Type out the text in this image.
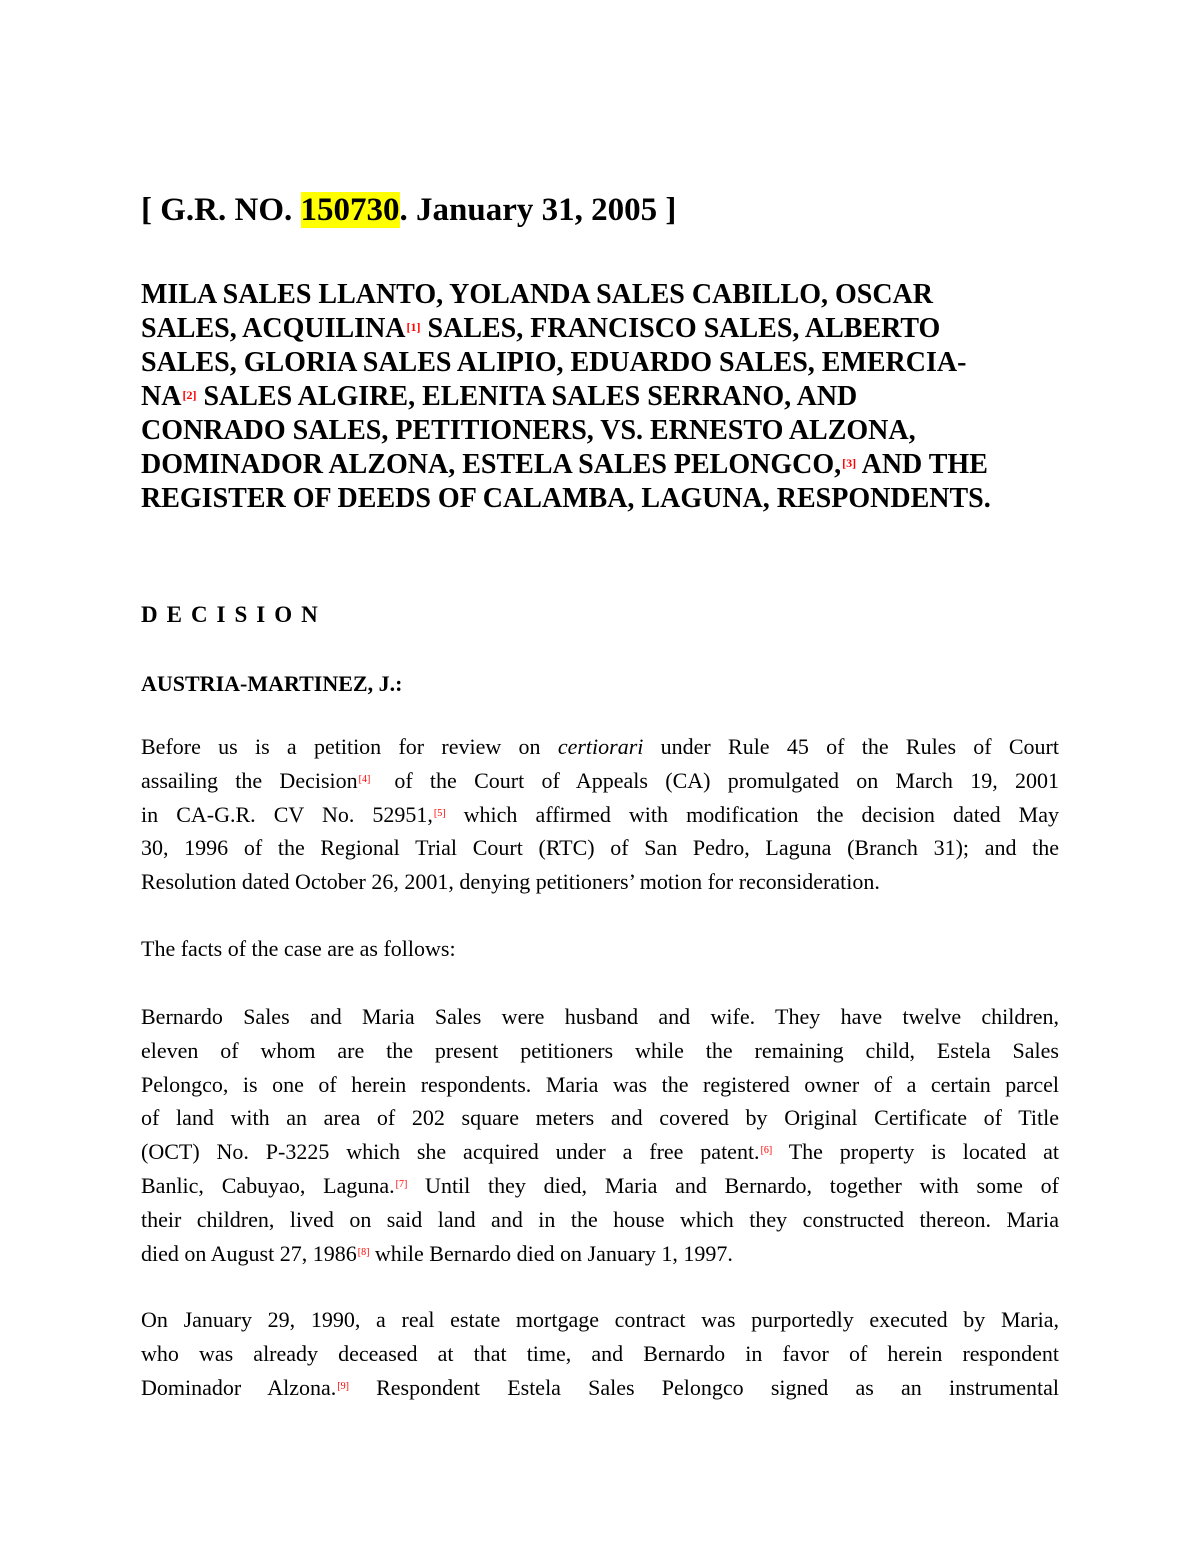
[ G.R. NO. 150730. January 31, 2005 ]
MILA SALES LLANTO, YOLANDA SALES CABILLO, OSCAR
SALES, ACQUILINA[1] SALES, FRANCISCO SALES, ALBERTO
SALES, GLORIA SALES ALIPIO, EDUARDO SALES, EMERCIA-
NA[2] SALES ALGIRE, ELENITA SALES SERRANO, AND
CONRADO SALES, PETITIONERS, VS. ERNESTO ALZONA,
DOMINADOR ALZONA, ESTELA SALES PELONGCO,[3] AND THE
REGISTER OF DEEDS OF CALAMBA, LAGUNA, RESPONDENTS.
DECISION
AUSTRIA-MARTINEZ, J.:

Before us is a petition for review on certiorari under Rule 45 of the Rules of Court
assailing the Decision[4] of the Court of Appeals (CA) promulgated on March 19, 2001
in CA-G.R. CV No. 52951,[5] which affirmed with modification the decision dated May
30, 1996 of the Regional Trial Court (RTC) of San Pedro, Laguna (Branch 31); and the
Resolution dated October 26, 2001, denying petitioners’ motion for reconsideration.

The facts of the case are as follows:

Bernardo Sales and Maria Sales were husband and wife. They have twelve children,
eleven of whom are the present petitioners while the remaining child, Estela Sales
Pelongco, is one of herein respondents. Maria was the registered owner of a certain parcel
of land with an area of 202 square meters and covered by Original Certificate of Title
(OCT) No. P-3225 which she acquired under a free patent.[6] The property is located at
Banlic, Cabuyao, Laguna.[7] Until they died, Maria and Bernardo, together with some of
their children, lived on said land and in the house which they constructed thereon. Maria
died on August 27, 1986[8] while Bernardo died on January 1, 1997.

On January 29, 1990, a real estate mortgage contract was purportedly executed by Maria,
who was already deceased at that time, and Bernardo in favor of herein respondent
Dominador Alzona.[9] Respondent Estela Sales Pelongco signed as an instrumental
